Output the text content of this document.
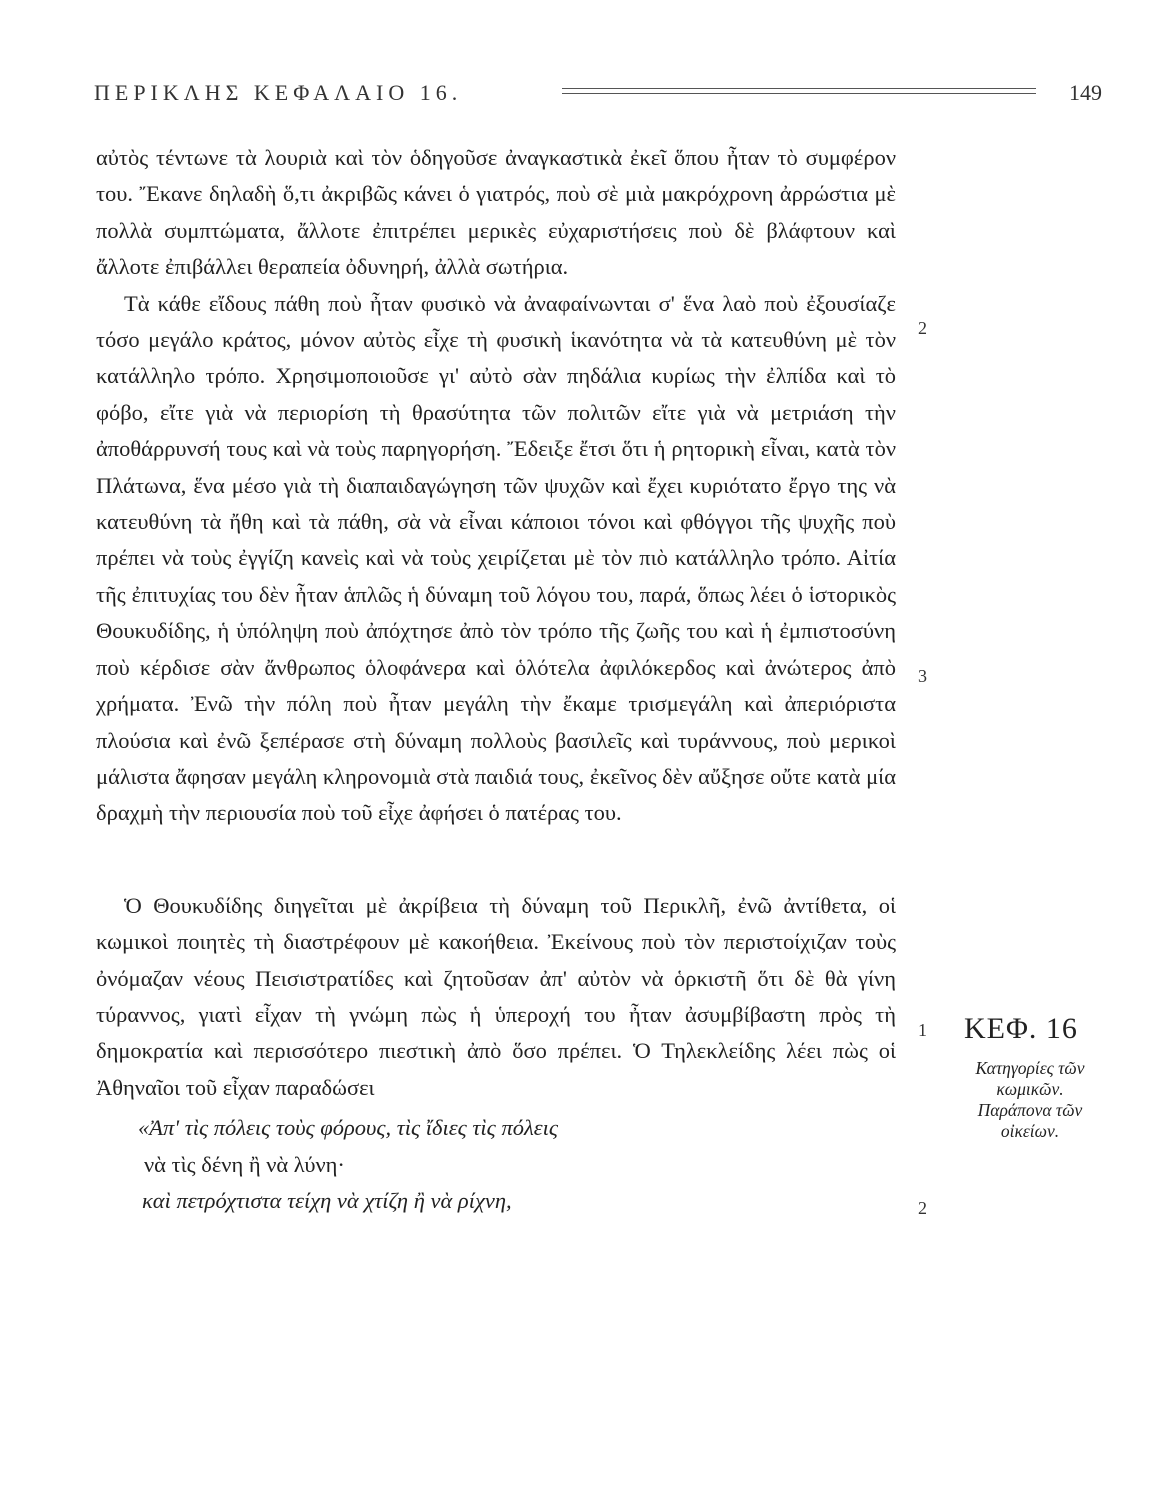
ΠΕΡΙΚΛΗΣ ΚΕΦΑΛΑΙΟ 16.	149

αὐτὸς τέντωνε τὰ λουριὰ καὶ τὸν ὁδηγοῦσε ἀναγκαστικὰ ἐκεῖ ὅπου ἦταν τὸ συμφέρον του. Ἔκανε δηλαδὴ ὅ,τι ἀκριβῶς κάνει ὁ γιατρός, ποὺ σὲ μιὰ μακρόχρονη ἀρρώστια μὲ πολλὰ συμπτώματα, ἄλλοτε ἐπιτρέπει μερικὲς εὐχαριστήσεις ποὺ δὲ βλάφτουν καὶ ἄλλοτε ἐπιβάλλει θεραπεία ὀδυνηρή, ἀλλὰ σωτήρια.

Τὰ κάθε εἴδους πάθη ποὺ ἦταν φυσικὸ νὰ ἀναφαίνωνται σ' ἕνα λαὸ ποὺ ἐξουσίαζε τόσο μεγάλο κράτος, μόνον αὐτὸς εἶχε τὴ φυσικὴ ἱκανότητα νὰ τὰ κατευθύνη μὲ τὸν κατάλληλο τρόπο. Χρησιμοποιοῦσε γι' αὐτὸ σὰν πηδάλια κυρίως τὴν ἐλπίδα καὶ τὸ φόβο, εἴτε γιὰ νὰ περιορίση τὴ θρασύτητα τῶν πολιτῶν εἴτε γιὰ νὰ μετριάση τὴν ἀποθάρρυνσή τους καὶ νὰ τοὺς παρηγορήση. Ἔδειξε ἔτσι ὅτι ἡ ρητορικὴ εἶναι, κατὰ τὸν Πλάτωνα, ἕνα μέσο γιὰ τὴ διαπαιδαγώγηση τῶν ψυχῶν καὶ ἔχει κυριότατο ἔργο της νὰ κατευθύνη τὰ ἤθη καὶ τὰ πάθη, σὰ νὰ εἶναι κάποιοι τόνοι καὶ φθόγγοι τῆς ψυχῆς ποὺ πρέπει νὰ τοὺς ἐγγίζη κανεὶς καὶ νὰ τοὺς χειρίζεται μὲ τὸν πιὸ κατάλληλο τρόπο. Αἰτία τῆς ἐπιτυχίας του δὲν ἦταν ἁπλῶς ἡ δύναμη τοῦ λόγου του, παρά, ὅπως λέει ὁ ἱστορικὸς Θουκυδίδης, ἡ ὑπόληψη ποὺ ἀπόχτησε ἀπὸ τὸν τρόπο τῆς ζωῆς του καὶ ἡ ἐμπιστοσύνη ποὺ κέρδισε σὰν ἄνθρωπος ὁλοφάνερα καὶ ὁλότελα ἀφιλόκερδος καὶ ἀνώτερος ἀπὸ χρήματα. Ἐνῶ τὴν πόλη ποὺ ἦταν μεγάλη τὴν ἔκαμε τρισμεγάλη καὶ ἀπεριόριστα πλούσια καὶ ἐνῶ ξεπέρασε στὴ δύναμη πολλοὺς βασιλεῖς καὶ τυράννους, ποὺ μερικοὶ μάλιστα ἄφησαν μεγάλη κληρονομιὰ στὰ παιδιά τους, ἐκεῖνος δὲν αὔξησε οὔτε κατὰ μία δραχμὴ τὴν περιουσία ποὺ τοῦ εἶχε ἀφήσει ὁ πατέρας του.

Ὁ Θουκυδίδης διηγεῖται μὲ ἀκρίβεια τὴ δύναμη τοῦ Περικλῆ, ἐνῶ ἀντίθετα, οἱ κωμικοὶ ποιητὲς τὴ διαστρέφουν μὲ κακοήθεια. Ἐκείνους ποὺ τὸν περιστοίχιζαν τοὺς ὀνόμαζαν νέους Πεισιστρατίδες καὶ ζητοῦσαν ἀπ' αὐτὸν νὰ ὁρκιστῆ ὅτι δὲ θὰ γίνη τύραννος, γιατὶ εἶχαν τὴ γνώμη πὼς ἡ ὑπεροχή του ἦταν ἀσυμβίβαστη πρὸς τὴ δημοκρατία καὶ περισσότερο πιεστικὴ ἀπὸ ὅσο πρέπει. Ὁ Τηλεκλείδης λέει πὼς οἱ Ἀθηναῖοι τοῦ εἶχαν παραδώσει

«Ἀπ' τὶς πόλεις τοὺς φόρους, τὶς ἴδιες τὶς πόλεις
νὰ τὶς δένη ἢ νὰ λύνη·
καὶ πετρόχτιστα τείχη νὰ χτίζη ἢ νὰ ρίχνη,
2
3
1
2
ΚΕΦ. 16
Κατηγορίες τῶν κωμικῶν. Παράπονα τῶν οἰκείων.
